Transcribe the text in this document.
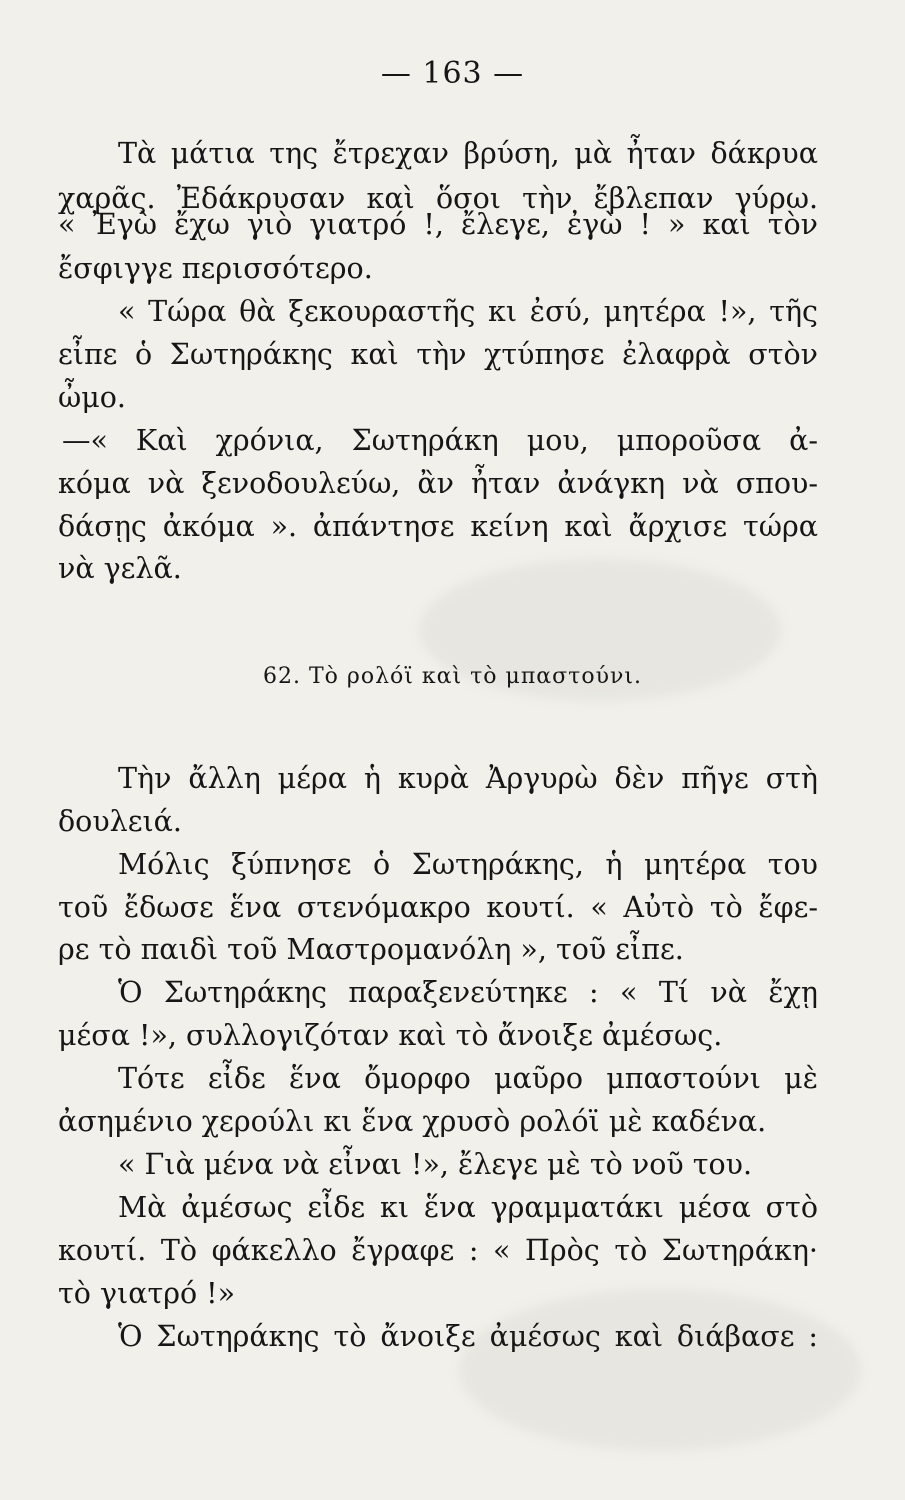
— 163 —
Τὰ μάτια της ἔτρεχαν βρύση, μὰ ἦταν δάκρυα
χαρᾶς. Ἐδάκρυσαν καὶ ὅσοι τὴν ἔβλεπαν γύρω.
« Ἐγὼ ἔχω γιὸ γιατρό !, ἔλεγε, ἐγὼ ! » καὶ τὸν
ἔσφιγγε περισσότερο.
« Τώρα θὰ ξεκουραστῆς κι ἐσύ, μητέρα !», τῆς
εἶπε ὁ Σωτηράκης καὶ τὴν χτύπησε ἐλαφρὰ στὸν
ὦμο.
—« Καὶ χρόνια, Σωτηράκη μου, μποροῦσα ἀ-
κόμα νὰ ξενοδουλεύω, ἂν ἦταν ἀνάγκη νὰ σπου-
δάσῃς ἀκόμα ». ἀπάντησε κείνη καὶ ἄρχισε τώρα
νὰ γελᾶ.
62. Τὸ ρολόϊ καὶ τὸ μπαστούνι.
Τὴν ἄλλη μέρα ἡ κυρὰ Ἀργυρὼ δὲν πῆγε στὴ
δουλειά.
Μόλις ξύπνησε ὁ Σωτηράκης, ἡ μητέρα του
τοῦ ἔδωσε ἕνα στενόμακρο κουτί. « Αὐτὸ τὸ ἔφε-
ρε τὸ παιδὶ τοῦ Μαστρομανόλη », τοῦ εἶπε.
Ὁ Σωτηράκης παραξενεύτηκε : « Τί νὰ ἔχῃ
μέσα !», συλλογιζόταν καὶ τὸ ἄνοιξε ἀμέσως.
Τότε εἶδε ἕνα ὄμορφο μαῦρο μπαστούνι μὲ
ἀσημένιο χερούλι κι ἕνα χρυσὸ ρολόϊ μὲ καδένα.
« Γιὰ μένα νὰ εἶναι !», ἔλεγε μὲ τὸ νοῦ του.
Μὰ ἀμέσως εἶδε κι ἕνα γραμματάκι μέσα στὸ
κουτί. Τὸ φάκελλο ἔγραφε : « Πρὸς τὸ Σωτηράκη·
τὸ γιατρό !»
Ὁ Σωτηράκης τὸ ἄνοιξε ἀμέσως καὶ διάβασε :
